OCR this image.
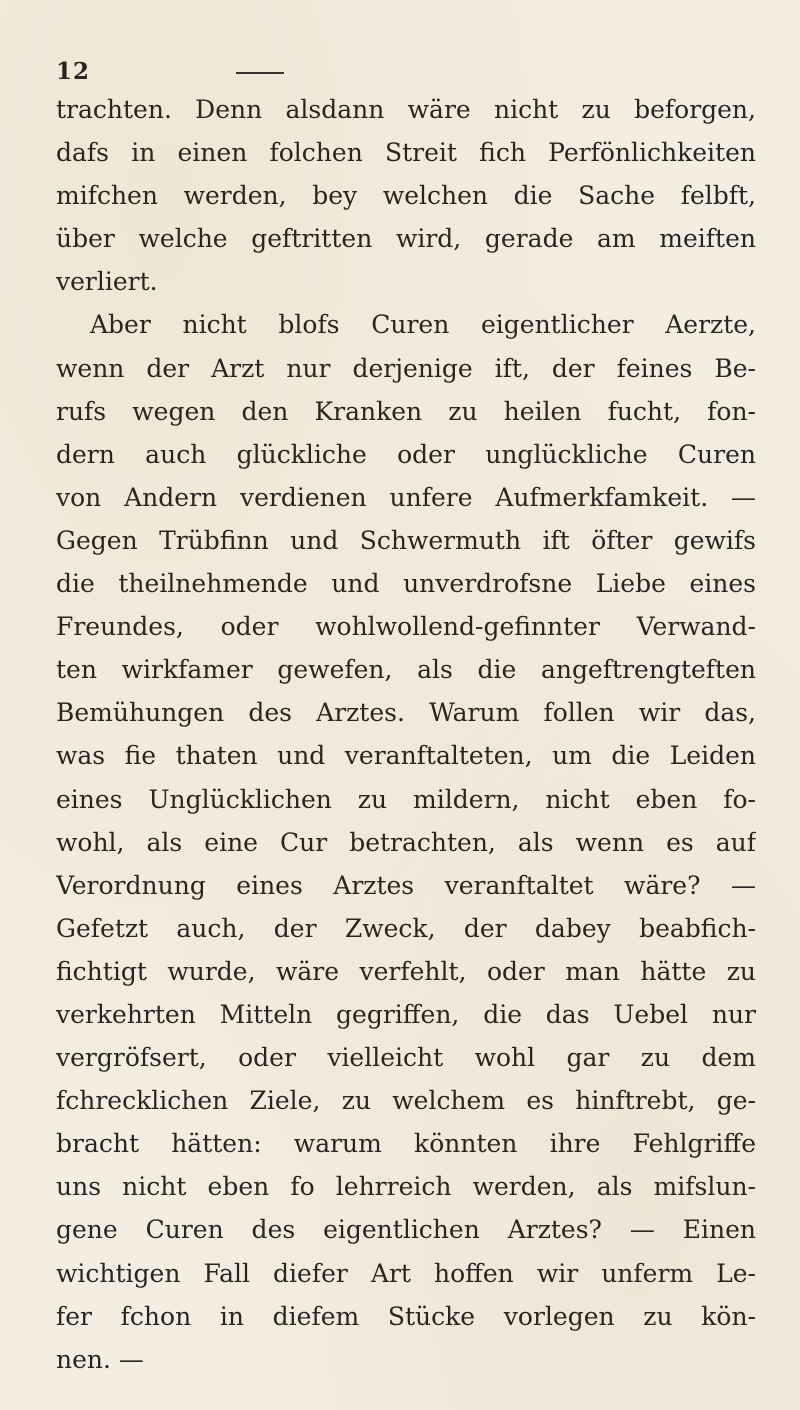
12
trachten. Denn alsdann wäre nicht zu beforgen,
dafs in einen folchen Streit fich Perfönlichkeiten
mifchen werden, bey welchen die Sache felbft,
über welche geftritten wird, gerade am meiften
verliert.
Aber nicht blofs Curen eigentlicher Aerzte,
wenn der Arzt nur derjenige ift, der feines Be-
rufs wegen den Kranken zu heilen fucht, fon-
dern auch glückliche oder unglückliche Curen
von Andern verdienen unfere Aufmerkfamkeit. —
Gegen Trübfinn und Schwermuth ift öfter gewifs
die theilnehmende und unverdrofsne Liebe eines
Freundes, oder wohlwollend-gefinnter Verwand-
ten wirkfamer gewefen, als die angeftrengteften
Bemühungen des Arztes. Warum follen wir das,
was fie thaten und veranftalteten, um die Leiden
eines Unglücklichen zu mildern, nicht eben fo-
wohl, als eine Cur betrachten, als wenn es auf
Verordnung eines Arztes veranftaltet wäre? —
Gefetzt auch, der Zweck, der dabey beabfich-
fichtigt wurde, wäre verfehlt, oder man hätte zu
verkehrten Mitteln gegriffen, die das Uebel nur
vergröfsert, oder vielleicht wohl gar zu dem
fchrecklichen Ziele, zu welchem es hinftrebt, ge-
bracht hätten: warum könnten ihre Fehlgriffe
uns nicht eben fo lehrreich werden, als mifslun-
gene Curen des eigentlichen Arztes? — Einen
wichtigen Fall diefer Art hoffen wir unferm Le-
fer fchon in diefem Stücke vorlegen zu kön-
nen. —
